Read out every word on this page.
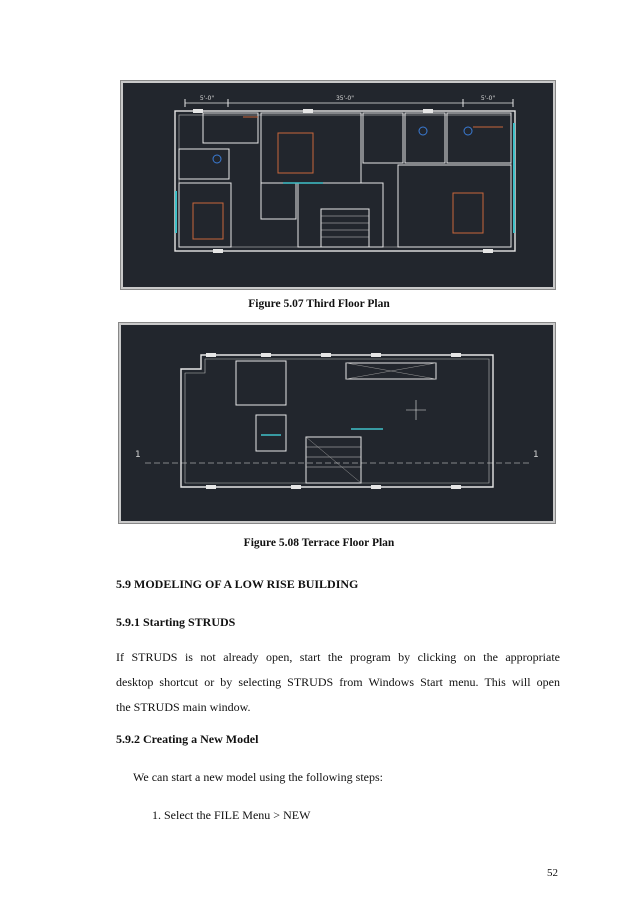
5'-0"	35'-0"	5'-0"
Figure 5.07 Third Floor Plan
1	1
Figure 5.08 Terrace Floor Plan
5.9 MODELING OF A LOW RISE BUILDING
5.9.1 Starting STRUDS
If STRUDS is not already open, start the program by clicking on the appropriate
desktop shortcut or by selecting STRUDS from Windows Start menu. This will open
the STRUDS main window.
5.9.2 Creating a New Model
We can start a new model using the following steps:
1. Select the FILE Menu > NEW
52
